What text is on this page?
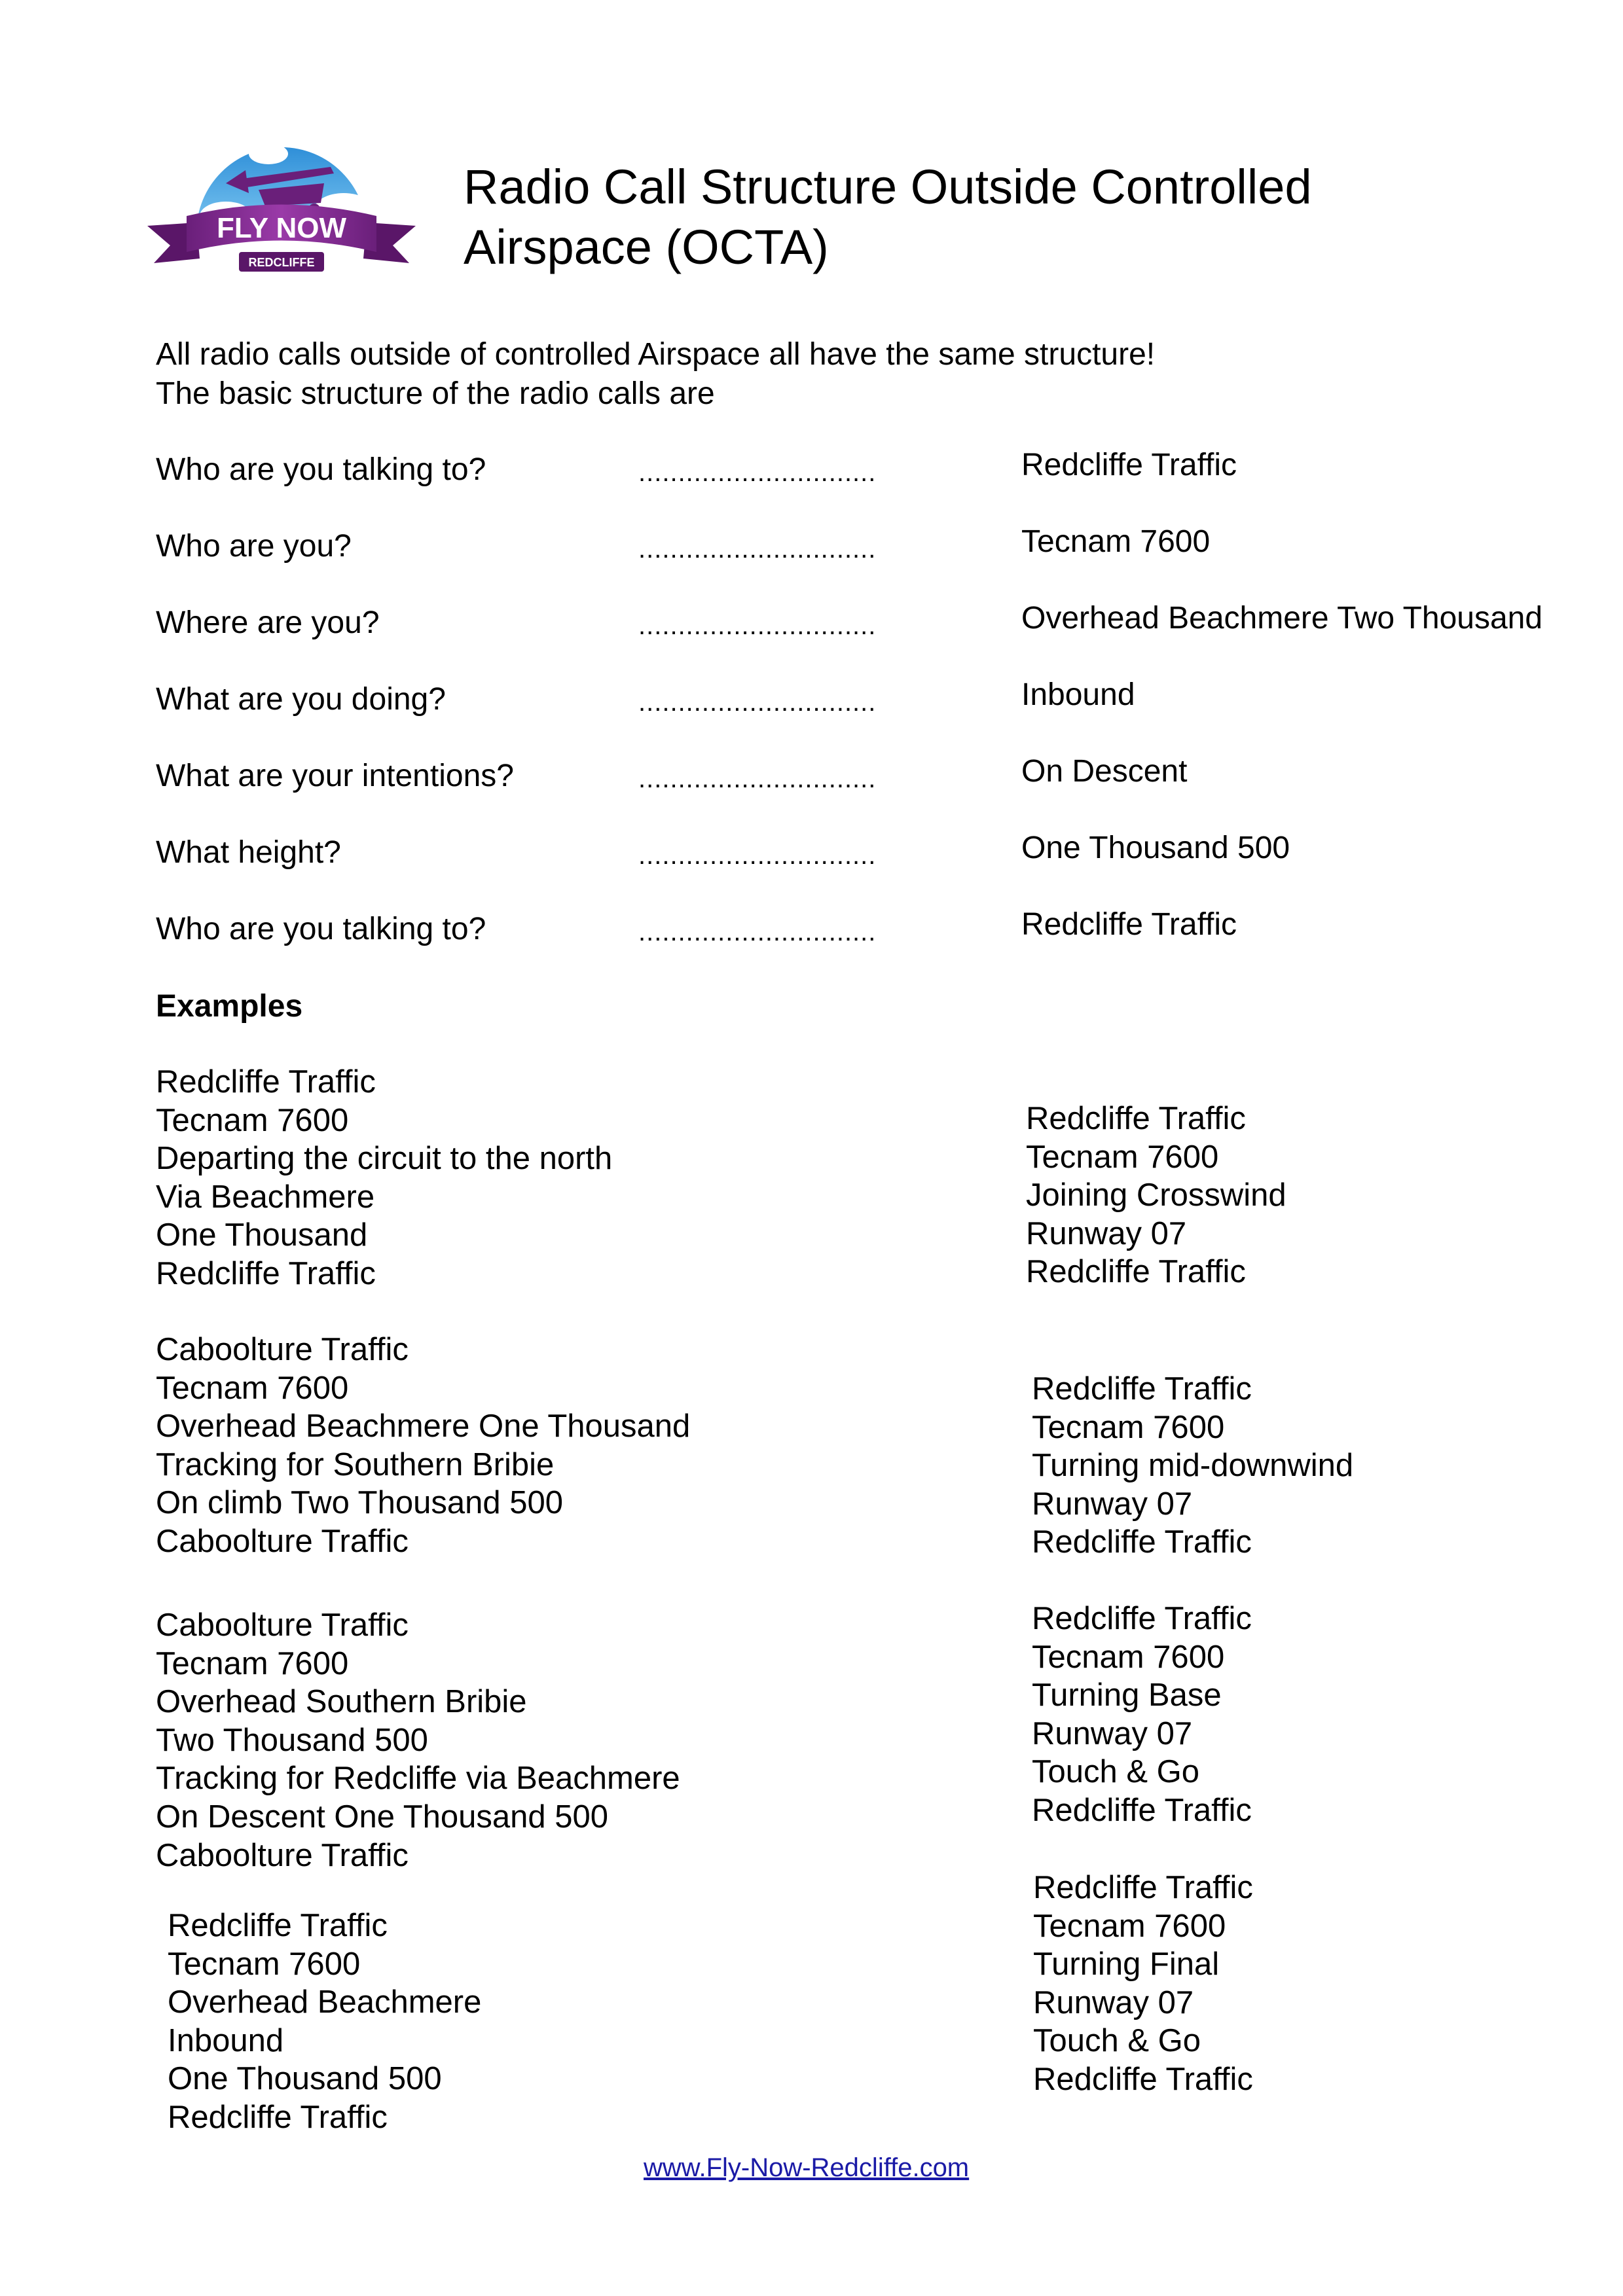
FLY NOW
REDCLIFFE
Radio Call Structure Outside Controlled Airspace (OCTA)
All radio calls outside of controlled Airspace all have the same structure!
The basic structure of the radio calls are
Who are you talking to?	..............................	Redcliffe Traffic
Who are you?	..............................	Tecnam 7600
Where are you?	..............................	Overhead Beachmere Two Thousand
What are you doing?	..............................	Inbound
What are your intentions?	..............................	On Descent
What height?	..............................	One Thousand 500
Who are you talking to?	..............................	Redcliffe Traffic
Examples
Redcliffe Traffic
Tecnam 7600
Departing the circuit to the north
Via Beachmere
One Thousand
Redcliffe Traffic
Caboolture Traffic
Tecnam 7600
Overhead Beachmere One Thousand
Tracking for Southern Bribie
On climb Two Thousand 500
Caboolture Traffic
Caboolture Traffic
Tecnam 7600
Overhead Southern Bribie
Two Thousand 500
Tracking for Redcliffe via Beachmere
On Descent One Thousand 500
Caboolture Traffic
Redcliffe Traffic
Tecnam 7600
Overhead Beachmere
Inbound
One Thousand 500
Redcliffe Traffic
Redcliffe Traffic
Tecnam 7600
Joining Crosswind
Runway 07
Redcliffe Traffic
Redcliffe Traffic
Tecnam 7600
Turning mid-downwind
Runway 07
Redcliffe Traffic
Redcliffe Traffic
Tecnam 7600
Turning Base
Runway 07
Touch & Go
Redcliffe Traffic
Redcliffe Traffic
Tecnam 7600
Turning Final
Runway 07
Touch & Go
Redcliffe Traffic
www.Fly-Now-Redcliffe.com
